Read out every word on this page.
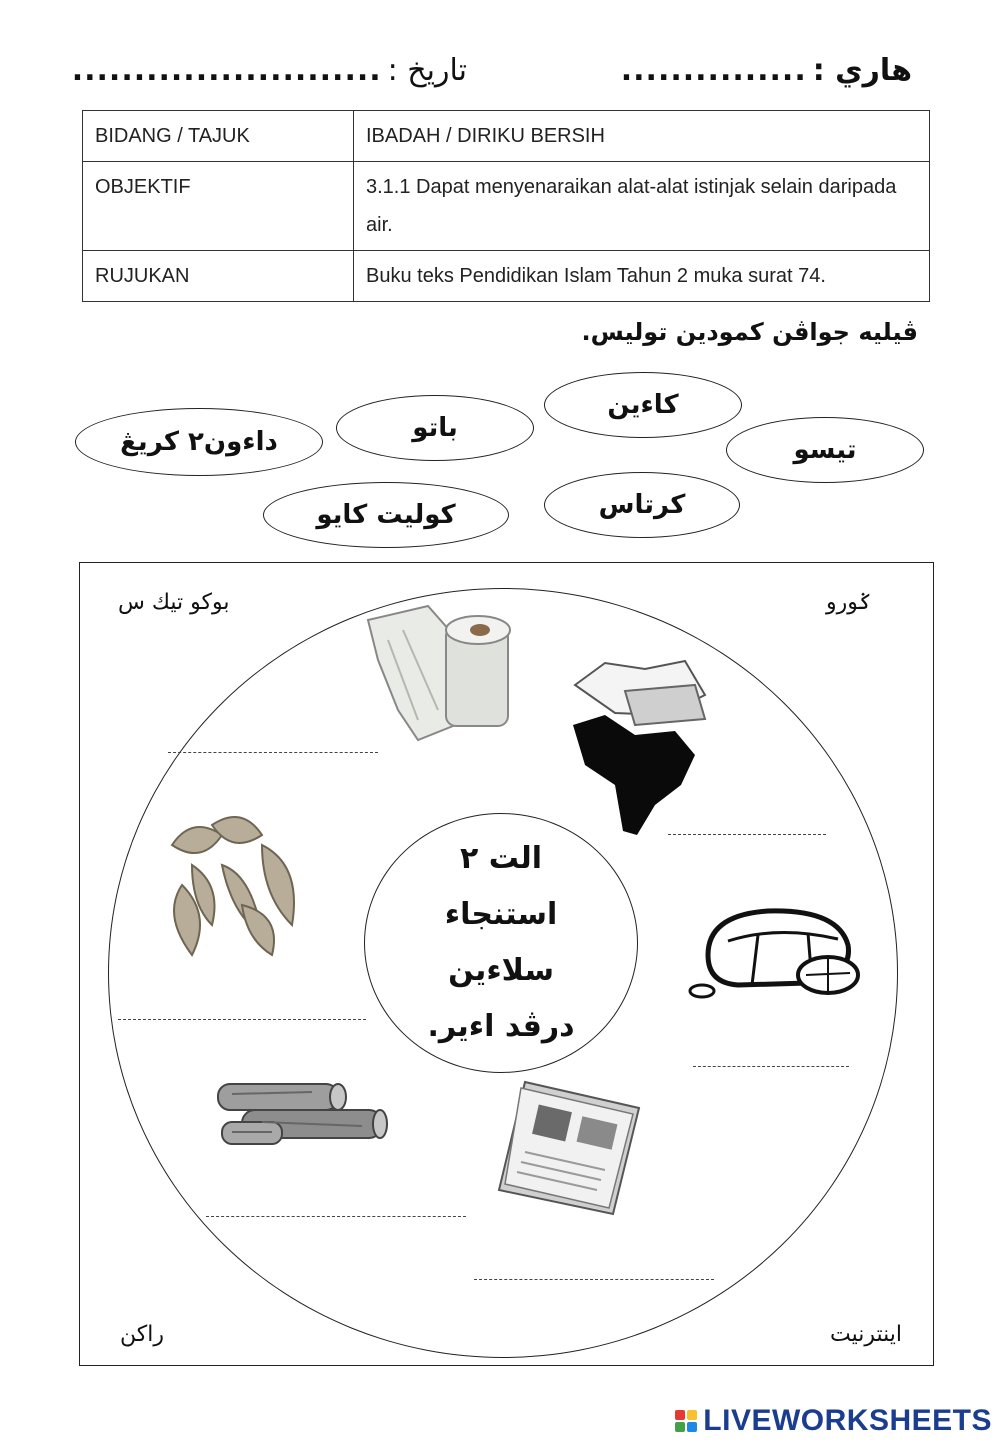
هاري :
...............
تاريخ :
.........................
BIDANG / TAJUK	IBADAH / DIRIKU BERSIH
OBJEKTIF	3.1.1 Dapat menyenaraikan alat-alat istinjak selain daripada air.
RUJUKAN	Buku teks Pendidikan Islam Tahun 2 muka surat 74.
ڤيليه جواڤن كمودين توليس.
كاءين
باتو
تيسو
داءون٢ كريڠ
كرتاس
كوليت كايو
بوكو تيك س	ݢورو
راكن	اينترنيت
الت ٢
استنجاء
سلاءين
درڤد اءير.
LIVEWORKSHEETS
